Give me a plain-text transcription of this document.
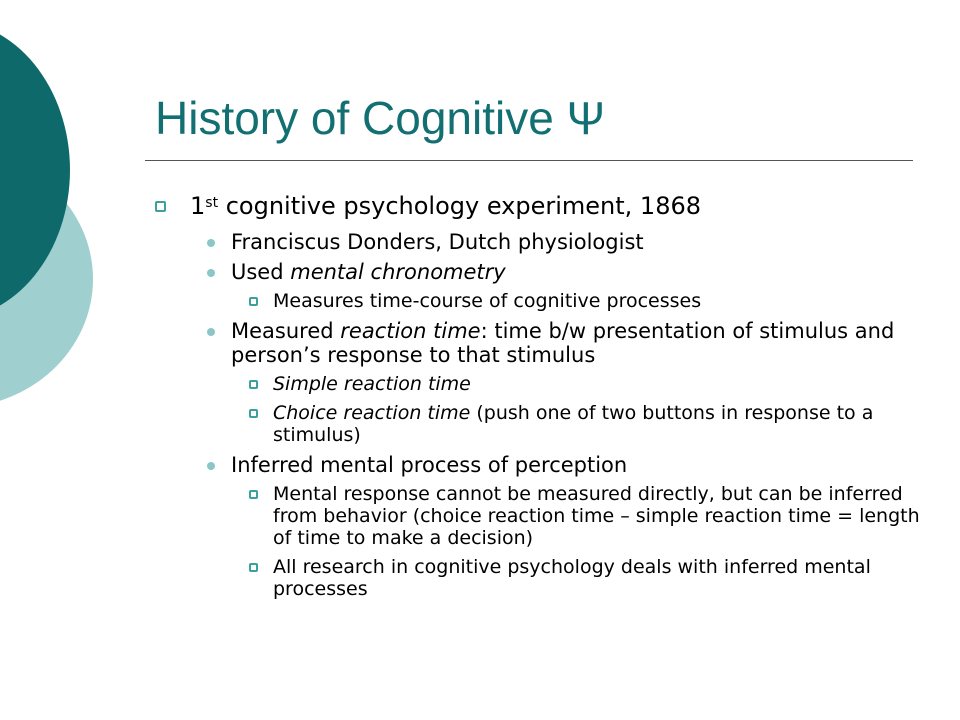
History of Cognitive Ψ
1st cognitive psychology experiment, 1868
Franciscus Donders, Dutch physiologist
Used mental chronometry
Measures time-course of cognitive processes
Measured reaction time: time b/w presentation of stimulus and person’s response to that stimulus
Simple reaction time
Choice reaction time (push one of two buttons in response to a stimulus)
Inferred mental process of perception
Mental response cannot be measured directly, but can be inferred from behavior (choice reaction time – simple reaction time = length of time to make a decision)
All research in cognitive psychology deals with inferred mental processes
